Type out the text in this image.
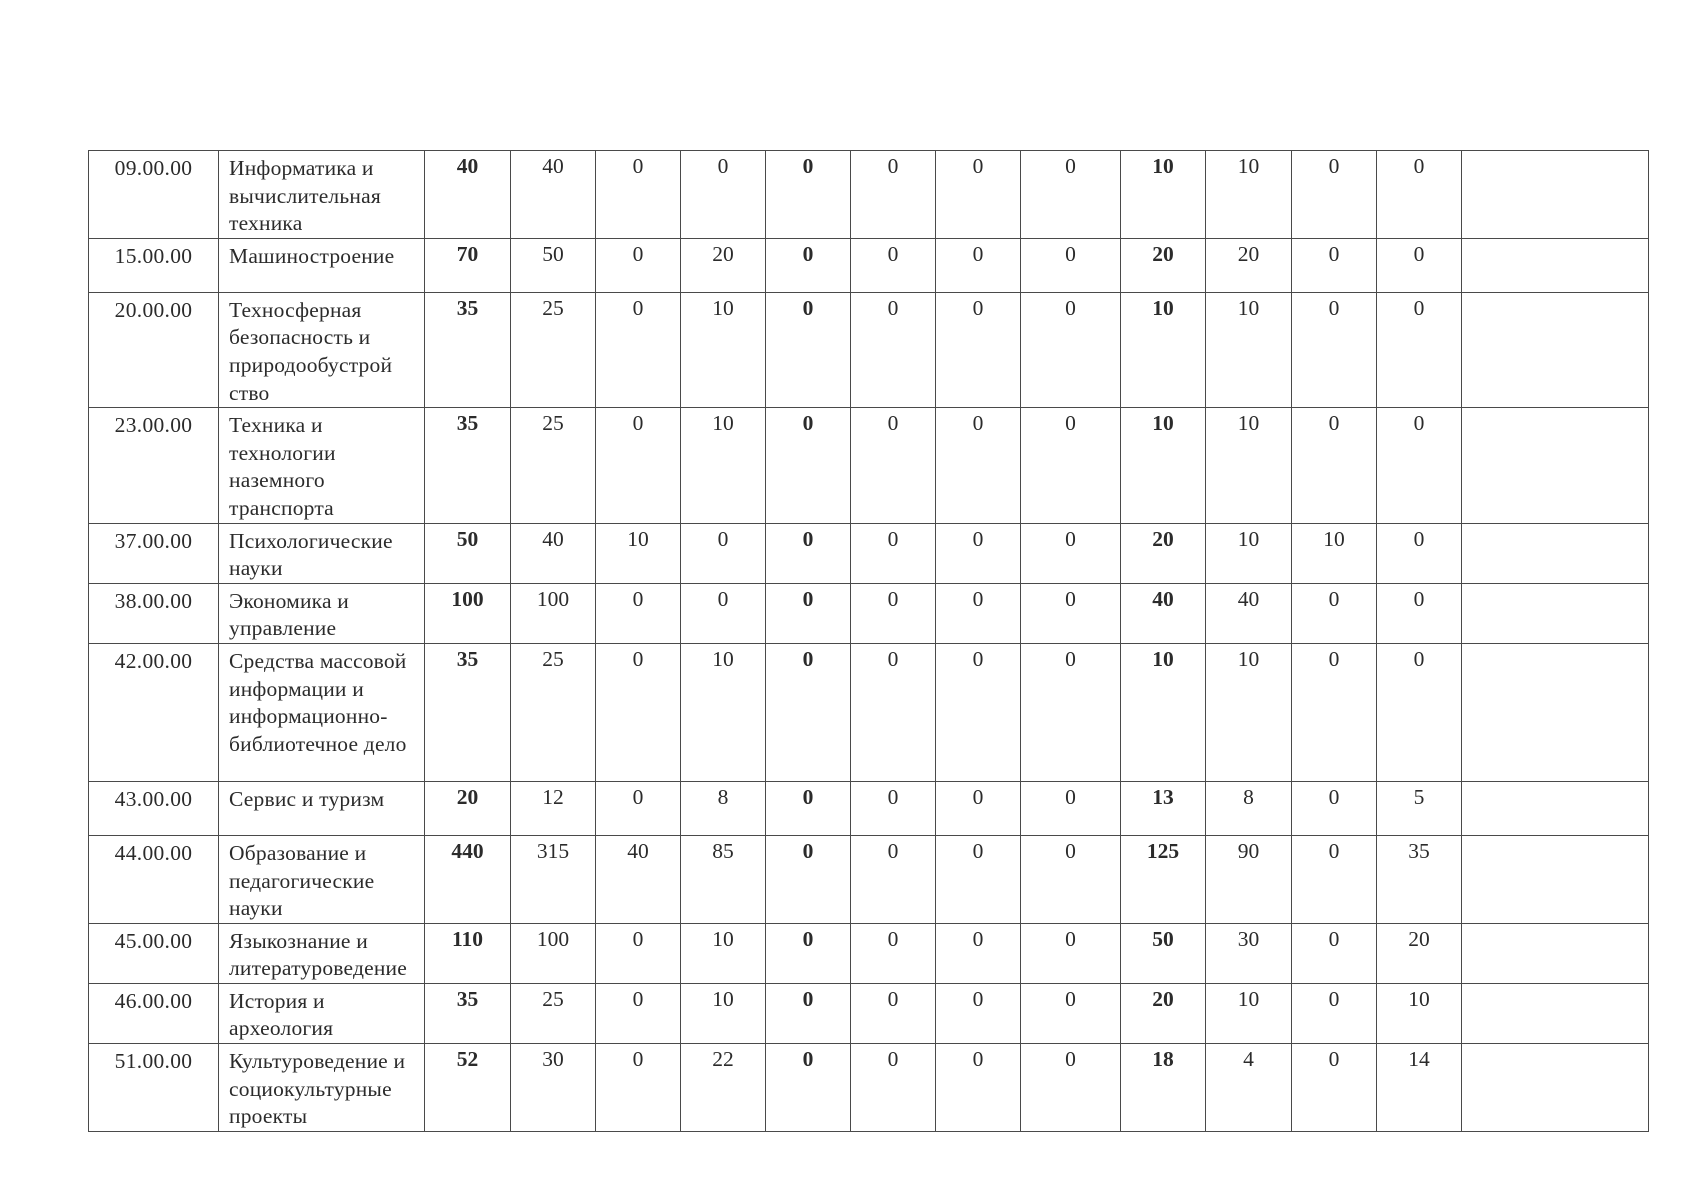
09.00.00	Информатика и вычислительная техника	40	40	0	0	0	0	0	0	10	10	0	0	
15.00.00	Машиностроение	70	50	0	20	0	0	0	0	20	20	0	0	
20.00.00	Техносферная безопасность и природообустрой ство	35	25	0	10	0	0	0	0	10	10	0	0	
23.00.00	Техника и технологии наземного транспорта	35	25	0	10	0	0	0	0	10	10	0	0	
37.00.00	Психологические науки	50	40	10	0	0	0	0	0	20	10	10	0	
38.00.00	Экономика и управление	100	100	0	0	0	0	0	0	40	40	0	0	
42.00.00	Средства массовой информации и информационно-библиотечное дело	35	25	0	10	0	0	0	0	10	10	0	0	
43.00.00	Сервис и туризм	20	12	0	8	0	0	0	0	13	8	0	5	
44.00.00	Образование и педагогические науки	440	315	40	85	0	0	0	0	125	90	0	35	
45.00.00	Языкознание и литературоведение	110	100	0	10	0	0	0	0	50	30	0	20	
46.00.00	История и археология	35	25	0	10	0	0	0	0	20	10	0	10	
51.00.00	Культуроведение и социокультурные проекты	52	30	0	22	0	0	0	0	18	4	0	14	
